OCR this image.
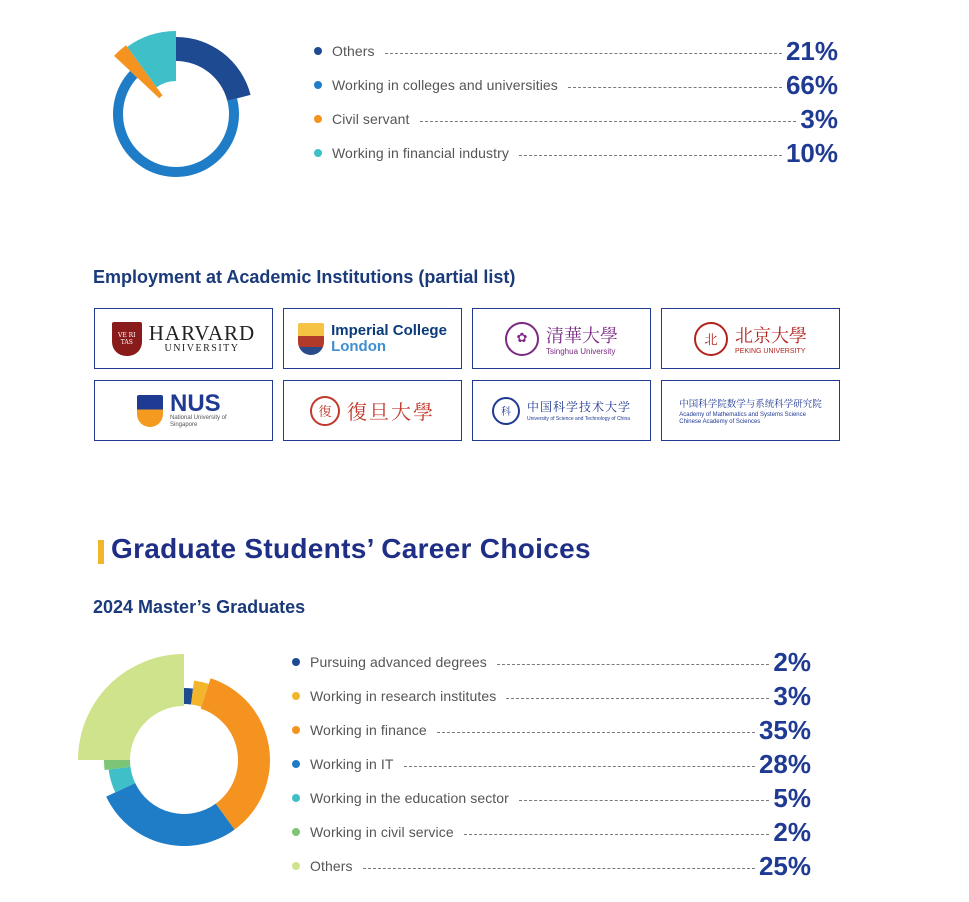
Others	21%
Working in colleges and universities	66%
Civil servant	3%
Working in financial industry	10%
Employment at Academic Institutions (partial list)
VE RI TAS HARVARD
UNIVERSITY
Imperial College
London	✿	清華大學
Tsinghua University
北 北京大學
PEKING UNIVERSITY
NUS
National University of Singapore
復 復旦大學	科	中国科学技术大学
University of Science and Technology of China
中国科学院数学与系统科学研究院
Academy of Mathematics and Systems Science Chinese Academy of Sciences
Graduate Students’ Career Choices
2024 Master’s Graduates
Pursuing advanced degrees	2%
Working in research institutes	3%
Working in finance	35%
Working in IT	28%
Working in the education sector	5%
Working in civil service	2%
Others	25%
